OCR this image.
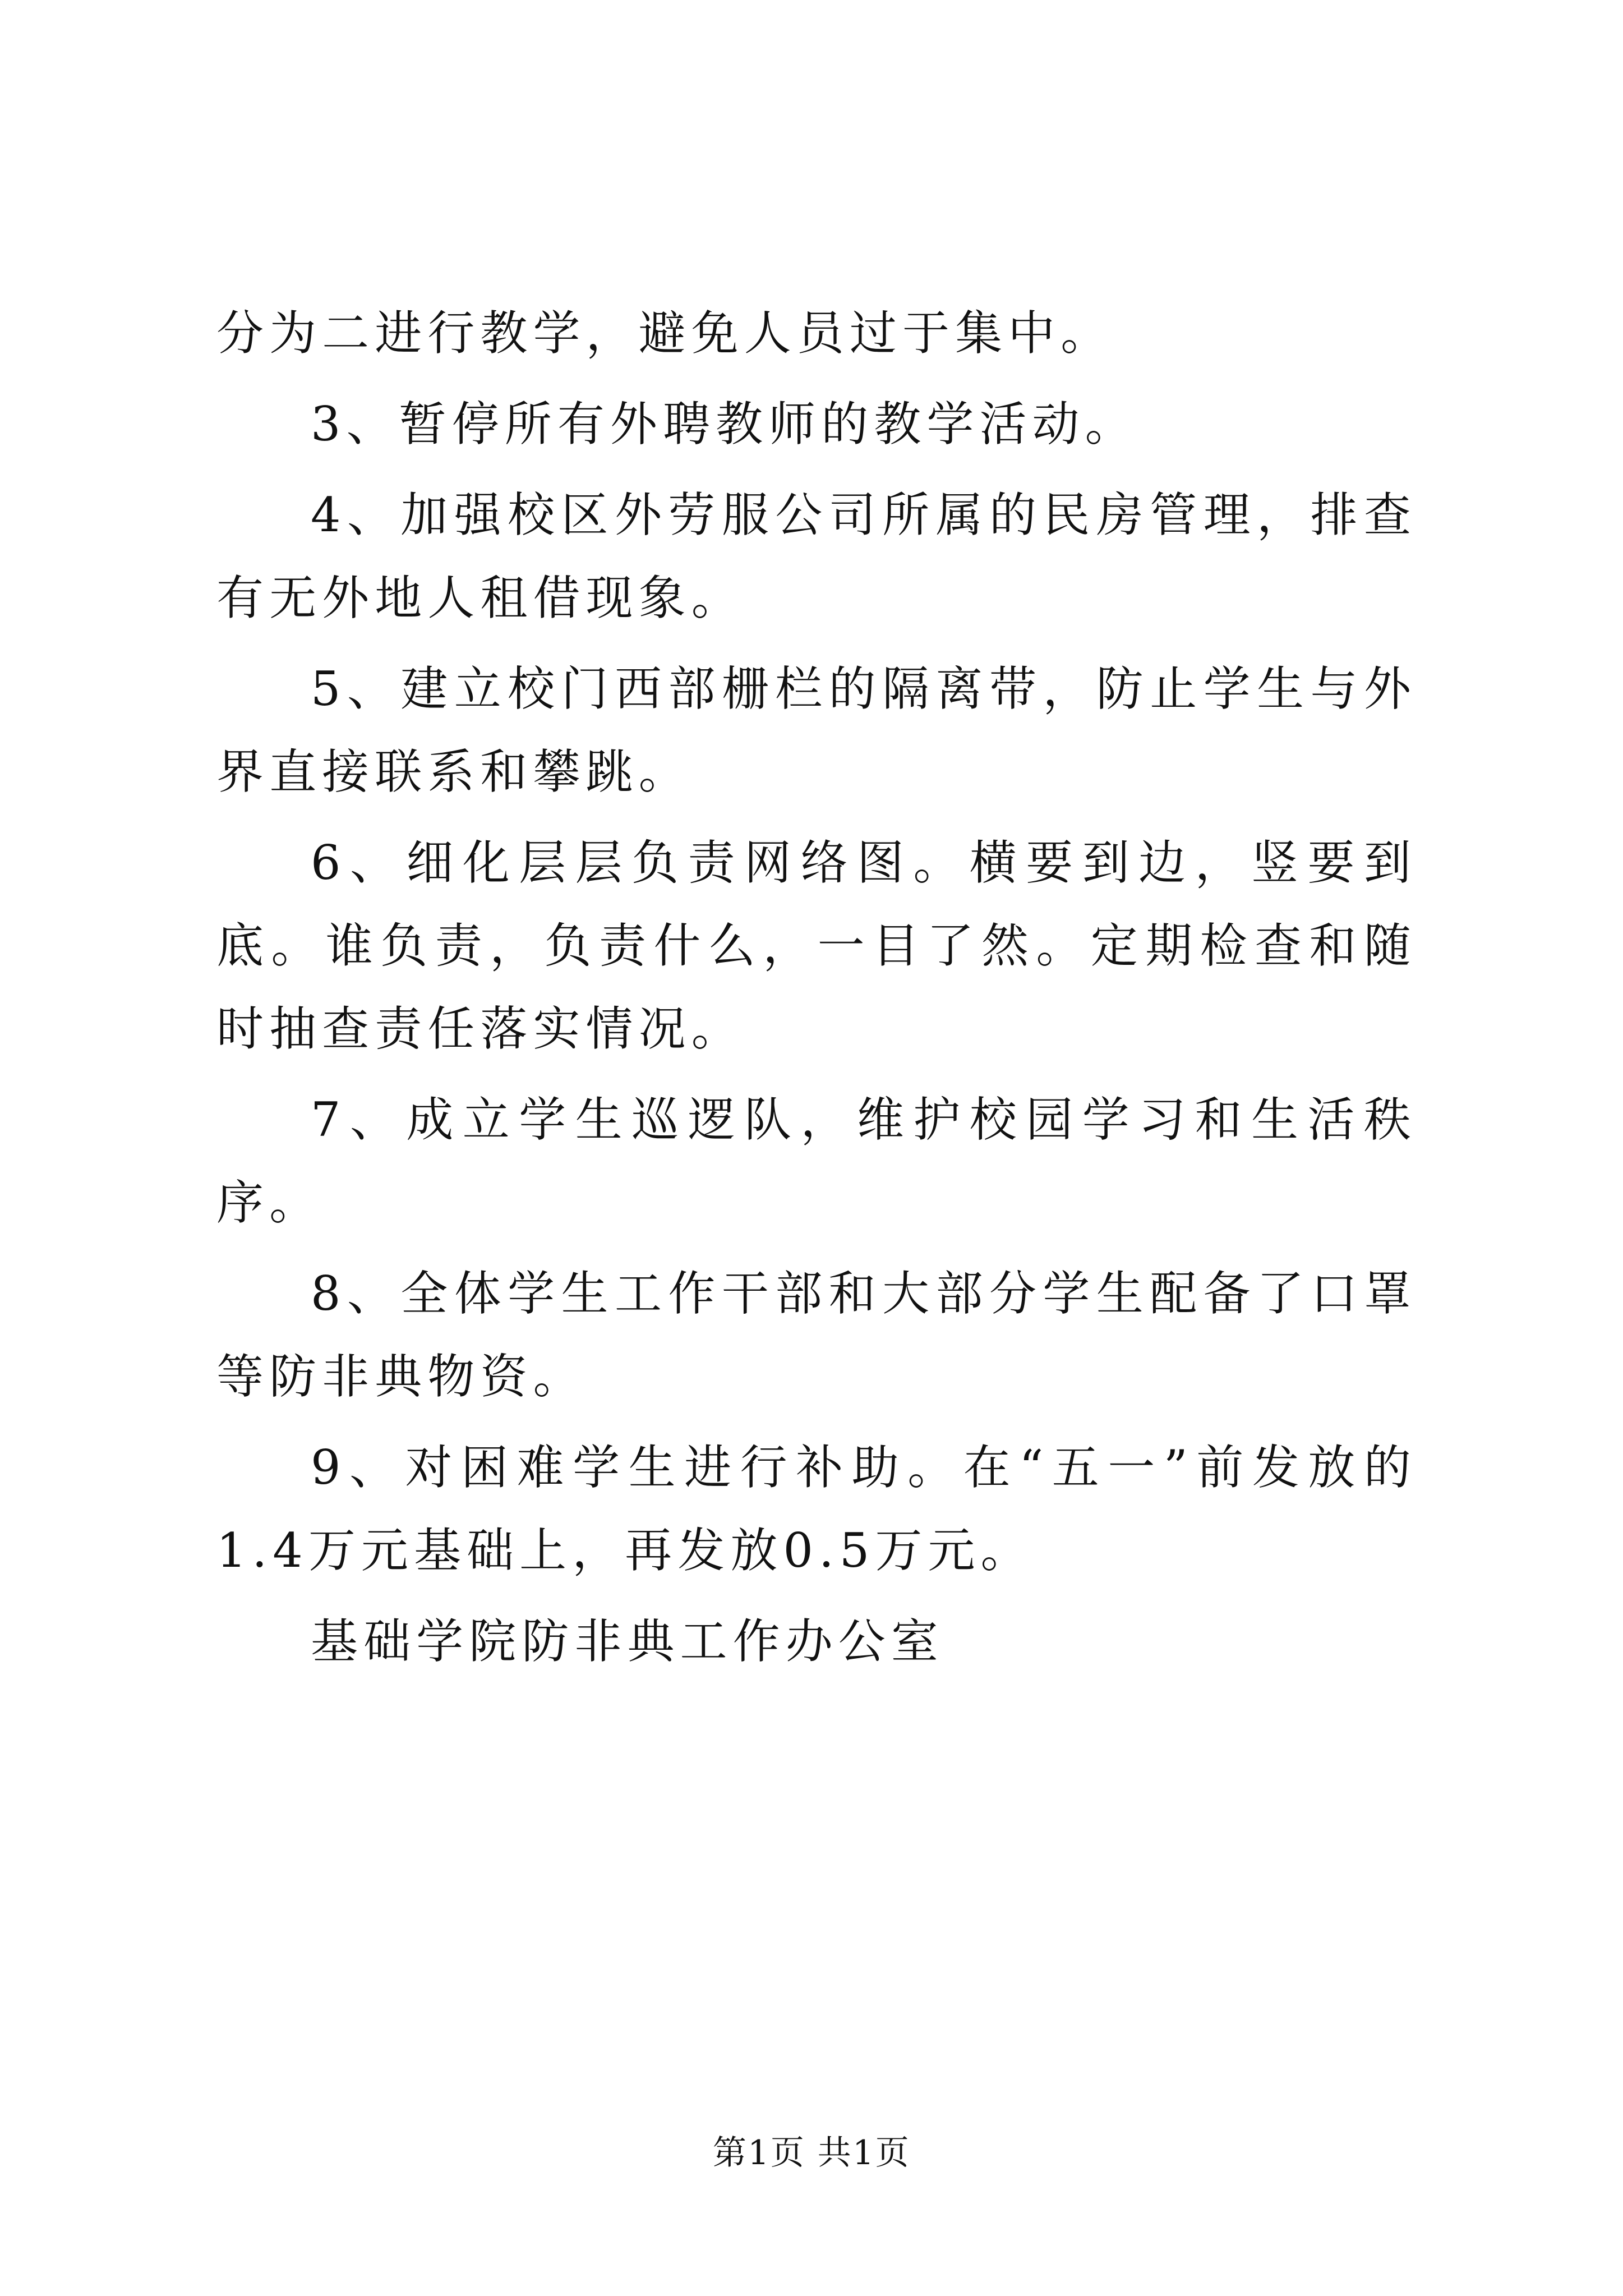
分为二进行教学，避免人员过于集中。

3、暂停所有外聘教师的教学活动。

4、加强校区外劳服公司所属的民房管理，排查有无外地人租借现象。

5、建立校门西部栅栏的隔离带，防止学生与外界直接联系和攀跳。

6、细化层层负责网络图。横要到边，竖要到底。谁负责，负责什么，一目了然。定期检查和随时抽查责任落实情况。

7、成立学生巡逻队，维护校园学习和生活秩序。

8、全体学生工作干部和大部分学生配备了口罩等防非典物资。

9、对困难学生进行补助。在“五一”前发放的1.4万元基础上，再发放0.5万元。

基础学院防非典工作办公室

第1页 共1页
